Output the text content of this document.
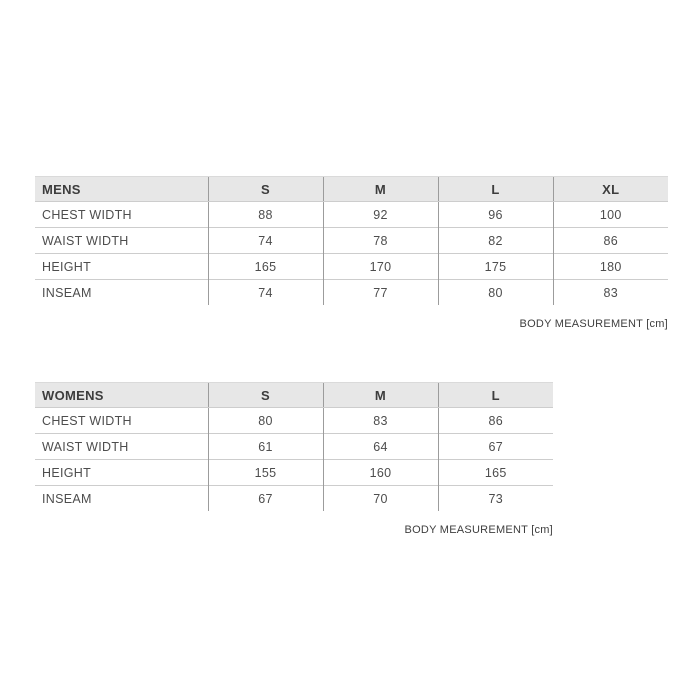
MENS	S	M	L	XL
CHEST WIDTH	88	92	96	100
WAIST WIDTH	74	78	82	86
HEIGHT	165	170	175	180
INSEAM	74	77	80	83
BODY MEASUREMENT [cm]
WOMENS	S	M	L
CHEST WIDTH	80	83	86
WAIST WIDTH	61	64	67
HEIGHT	155	160	165
INSEAM	67	70	73
BODY MEASUREMENT [cm]
